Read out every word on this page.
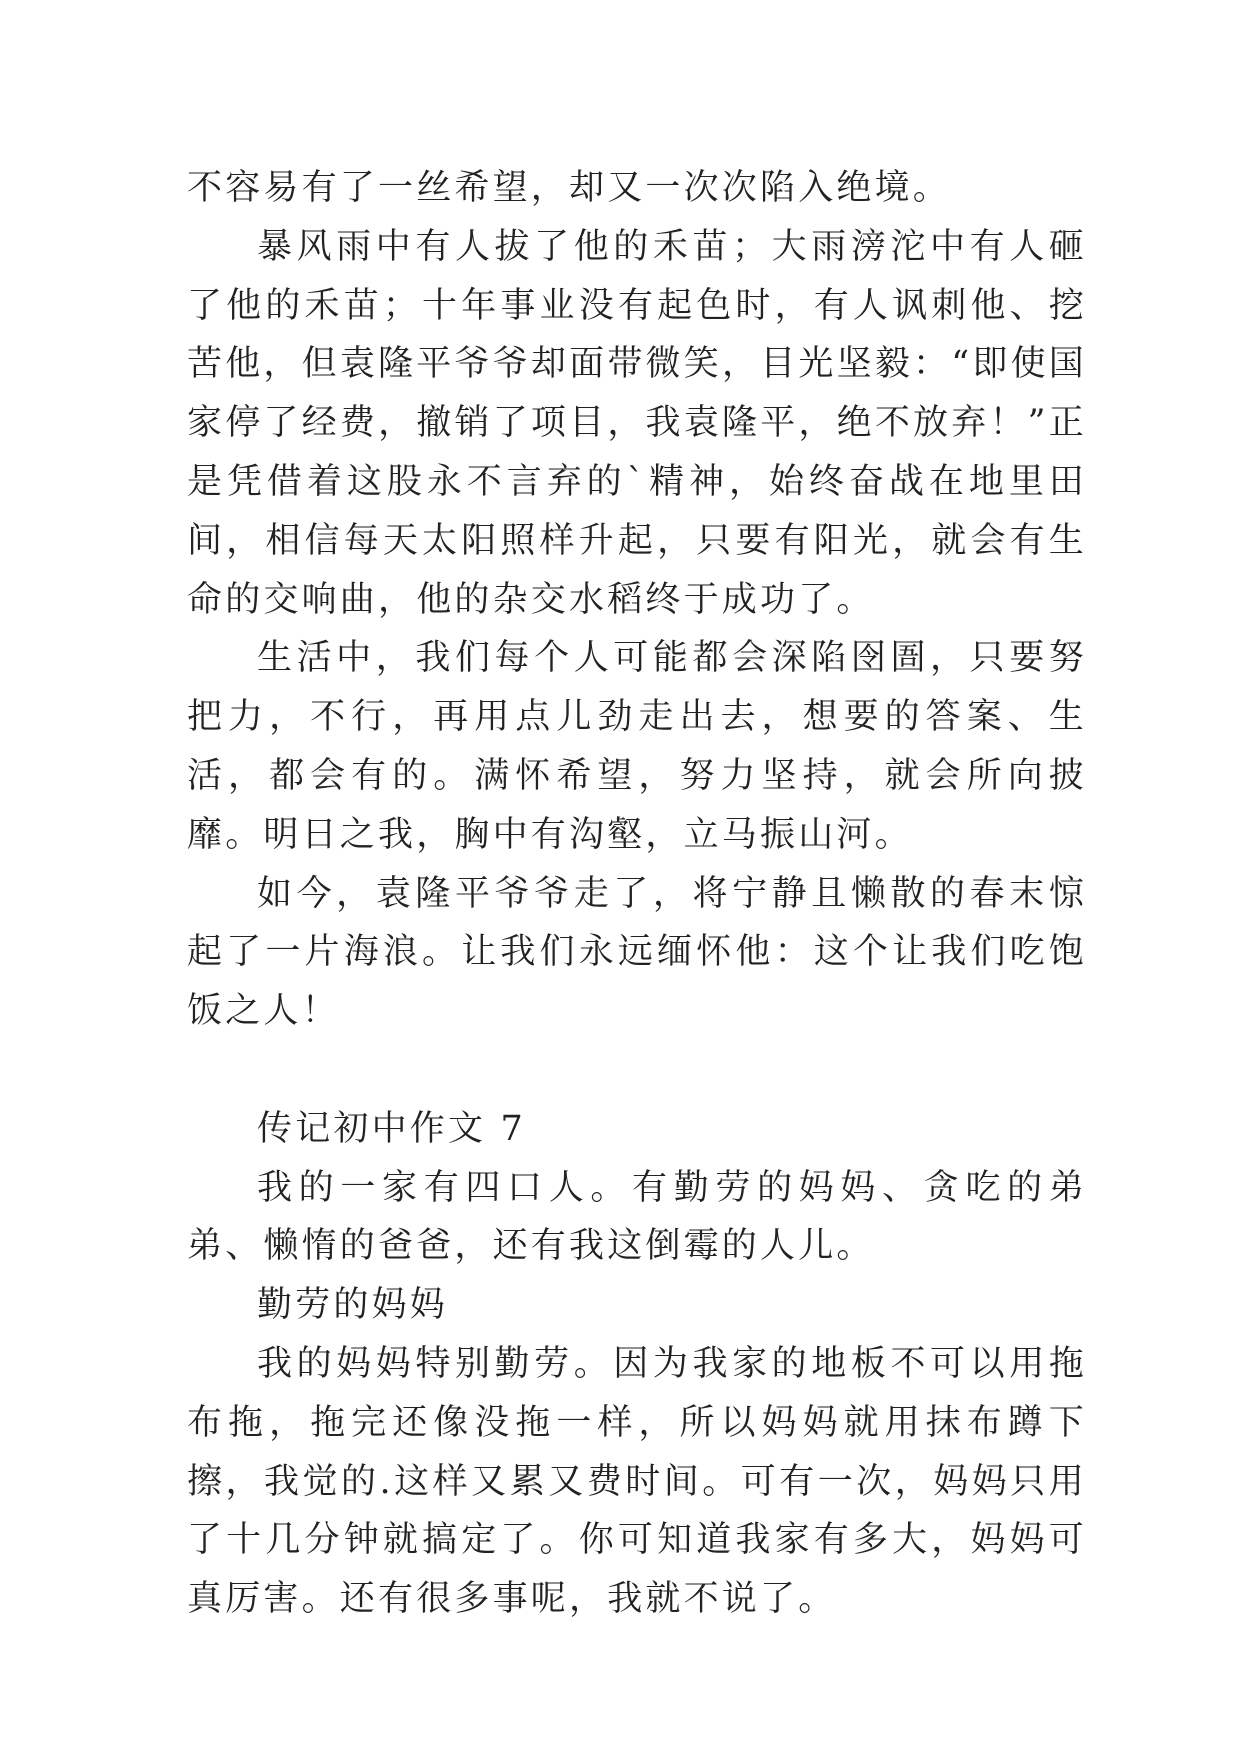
不容易有了一丝希望，却又一次次陷入绝境。

暴风雨中有人拔了他的禾苗；大雨滂沱中有人砸了他的禾苗；十年事业没有起色时，有人讽刺他、挖苦他，但袁隆平爷爷却面带微笑，目光坚毅：“即使国家停了经费，撤销了项目，我袁隆平，绝不放弃！”正是凭借着这股永不言弃的`精神，始终奋战在地里田间，相信每天太阳照样升起，只要有阳光，就会有生命的交响曲，他的杂交水稻终于成功了。

生活中，我们每个人可能都会深陷囹圄，只要努把力，不行，再用点儿劲走出去，想要的答案、生活，都会有的。满怀希望，努力坚持，就会所向披靡。明日之我，胸中有沟壑，立马振山河。

如今，袁隆平爷爷走了，将宁静且懒散的春末惊起了一片海浪。让我们永远缅怀他：这个让我们吃饱饭之人！

传记初中作文 7

我的一家有四口人。有勤劳的妈妈、贪吃的弟弟、懒惰的爸爸，还有我这倒霉的人儿。

勤劳的妈妈

我的妈妈特别勤劳。因为我家的地板不可以用拖布拖，拖完还像没拖一样，所以妈妈就用抹布蹲下擦，我觉的.这样又累又费时间。可有一次，妈妈只用了十几分钟就搞定了。你可知道我家有多大，妈妈可真厉害。还有很多事呢，我就不说了。
